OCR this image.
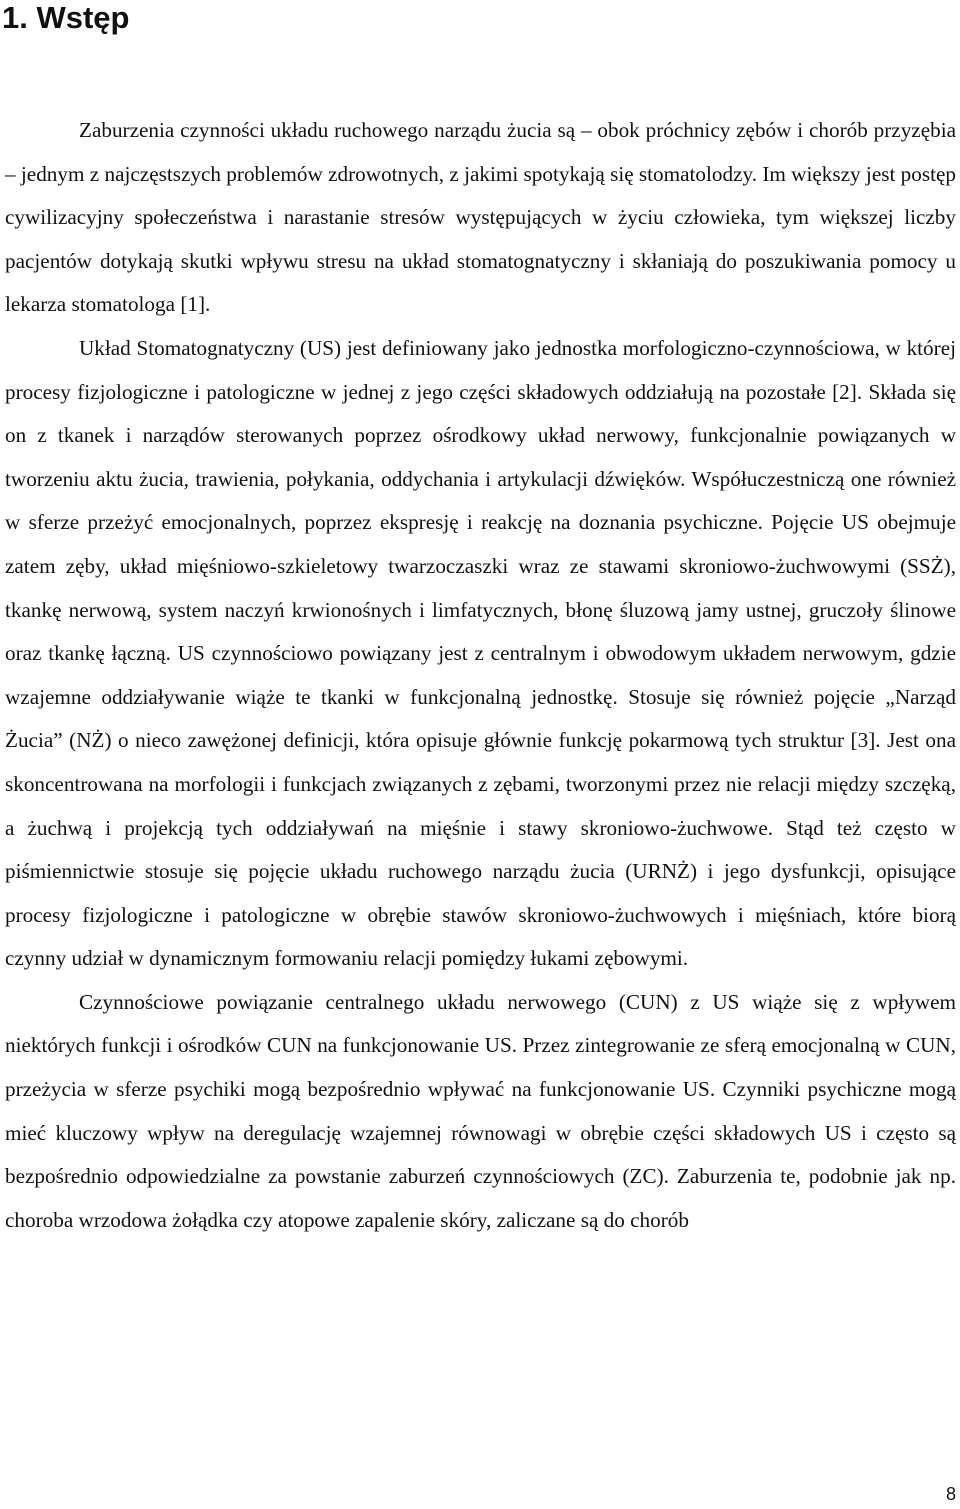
1. Wstęp

Zaburzenia czynności układu ruchowego narządu żucia są – obok próchnicy zębów i chorób przyzębia – jednym z najczęstszych problemów zdrowotnych, z jakimi spotykają się stomatolodzy. Im większy jest postęp cywilizacyjny społeczeństwa i narastanie stresów występujących w życiu człowieka, tym większej liczby pacjentów dotykają skutki wpływu stresu na układ stomatognatyczny i skłaniają do poszukiwania pomocy u lekarza stomatologa [1].

Układ Stomatognatyczny (US) jest definiowany jako jednostka morfologiczno-czynnościowa, w której procesy fizjologiczne i patologiczne w jednej z jego części składowych oddziałują na pozostałe [2]. Składa się on z tkanek i narządów sterowanych poprzez ośrodkowy układ nerwowy, funkcjonalnie powiązanych w tworzeniu aktu żucia, trawienia, połykania, oddychania i artykulacji dźwięków. Współuczestniczą one również w sferze przeżyć emocjonalnych, poprzez ekspresję i reakcję na doznania psychiczne. Pojęcie US obejmuje zatem zęby, układ mięśniowo-szkieletowy twarzoczaszki wraz ze stawami skroniowo-żuchwowymi (SSŻ), tkankę nerwową, system naczyń krwionośnych i limfatycznych, błonę śluzową jamy ustnej, gruczoły ślinowe oraz tkankę łączną. US czynnościowo powiązany jest z centralnym i obwodowym układem nerwowym, gdzie wzajemne oddziaływanie wiąże te tkanki w funkcjonalną jednostkę. Stosuje się również pojęcie „Narząd Żucia” (NŻ) o nieco zawężonej definicji, która opisuje głównie funkcję pokarmową tych struktur [3]. Jest ona skoncentrowana na morfologii i funkcjach związanych z zębami, tworzonymi przez nie relacji między szczęką, a żuchwą i projekcją tych oddziaływań na mięśnie i stawy skroniowo-żuchwowe. Stąd też często w piśmiennictwie stosuje się pojęcie układu ruchowego narządu żucia (URNŻ) i jego dysfunkcji, opisujące procesy fizjologiczne i patologiczne w obrębie stawów skroniowo-żuchwowych i mięśniach, które biorą czynny udział w dynamicznym formowaniu relacji pomiędzy łukami zębowymi.

Czynnościowe powiązanie centralnego układu nerwowego (CUN) z US wiąże się z wpływem niektórych funkcji i ośrodków CUN na funkcjonowanie US. Przez zintegrowanie ze sferą emocjonalną w CUN, przeżycia w sferze psychiki mogą bezpośrednio wpływać na funkcjonowanie US. Czynniki psychiczne mogą mieć kluczowy wpływ na deregulację wzajemnej równowagi w obrębie części składowych US i często są bezpośrednio odpowiedzialne za powstanie zaburzeń czynnościowych (ZC). Zaburzenia te, podobnie jak np. choroba wrzodowa żołądka czy atopowe zapalenie skóry, zaliczane są do chorób

8
